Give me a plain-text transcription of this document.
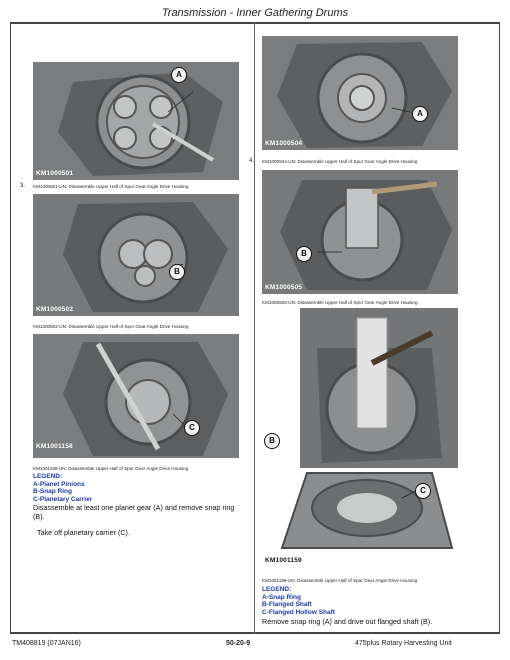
Transmission - Inner Gathering Drums
KM1000501
A
3. KM1000501-UN: Disassemble Upper Half of Spur Gear Angle Drive Housing
KM1000502
B
KM1000502-UN: Disassemble Upper Half of Spur Gear Angle Drive Housing
KM1001158
C
KM1001158-UN: Disassemble Upper Half of Spur Gear Angle Drive Housing
LEGEND:
A-Planet Pinions
B-Snap Ring
C-Planetary Carrier
Disassemble at least one planet gear (A) and remove snap ring (B).
Take off planetary carrier (C).
KM1000504
A
4. KM1000504-UN: Disassemble Upper Half of Spur Gear Angle Drive Housing
KM1000505
B
KM1000505-UN: Disassemble Upper Half of Spur Gear Angle Drive Housing
KM1001159
B
C
KM1001159-UN: Disassemble Upper Half of Spur Gear Angle Drive Housing
LEGEND:
A-Snap Ring
B-Flanged Shaft
C-Flanged Hollow Shaft
Remove snap ring (A) and drive out flanged shaft (B).
TM408819 (07JAN16)	50-20-9	475plus Rotary Harvesting Unit
